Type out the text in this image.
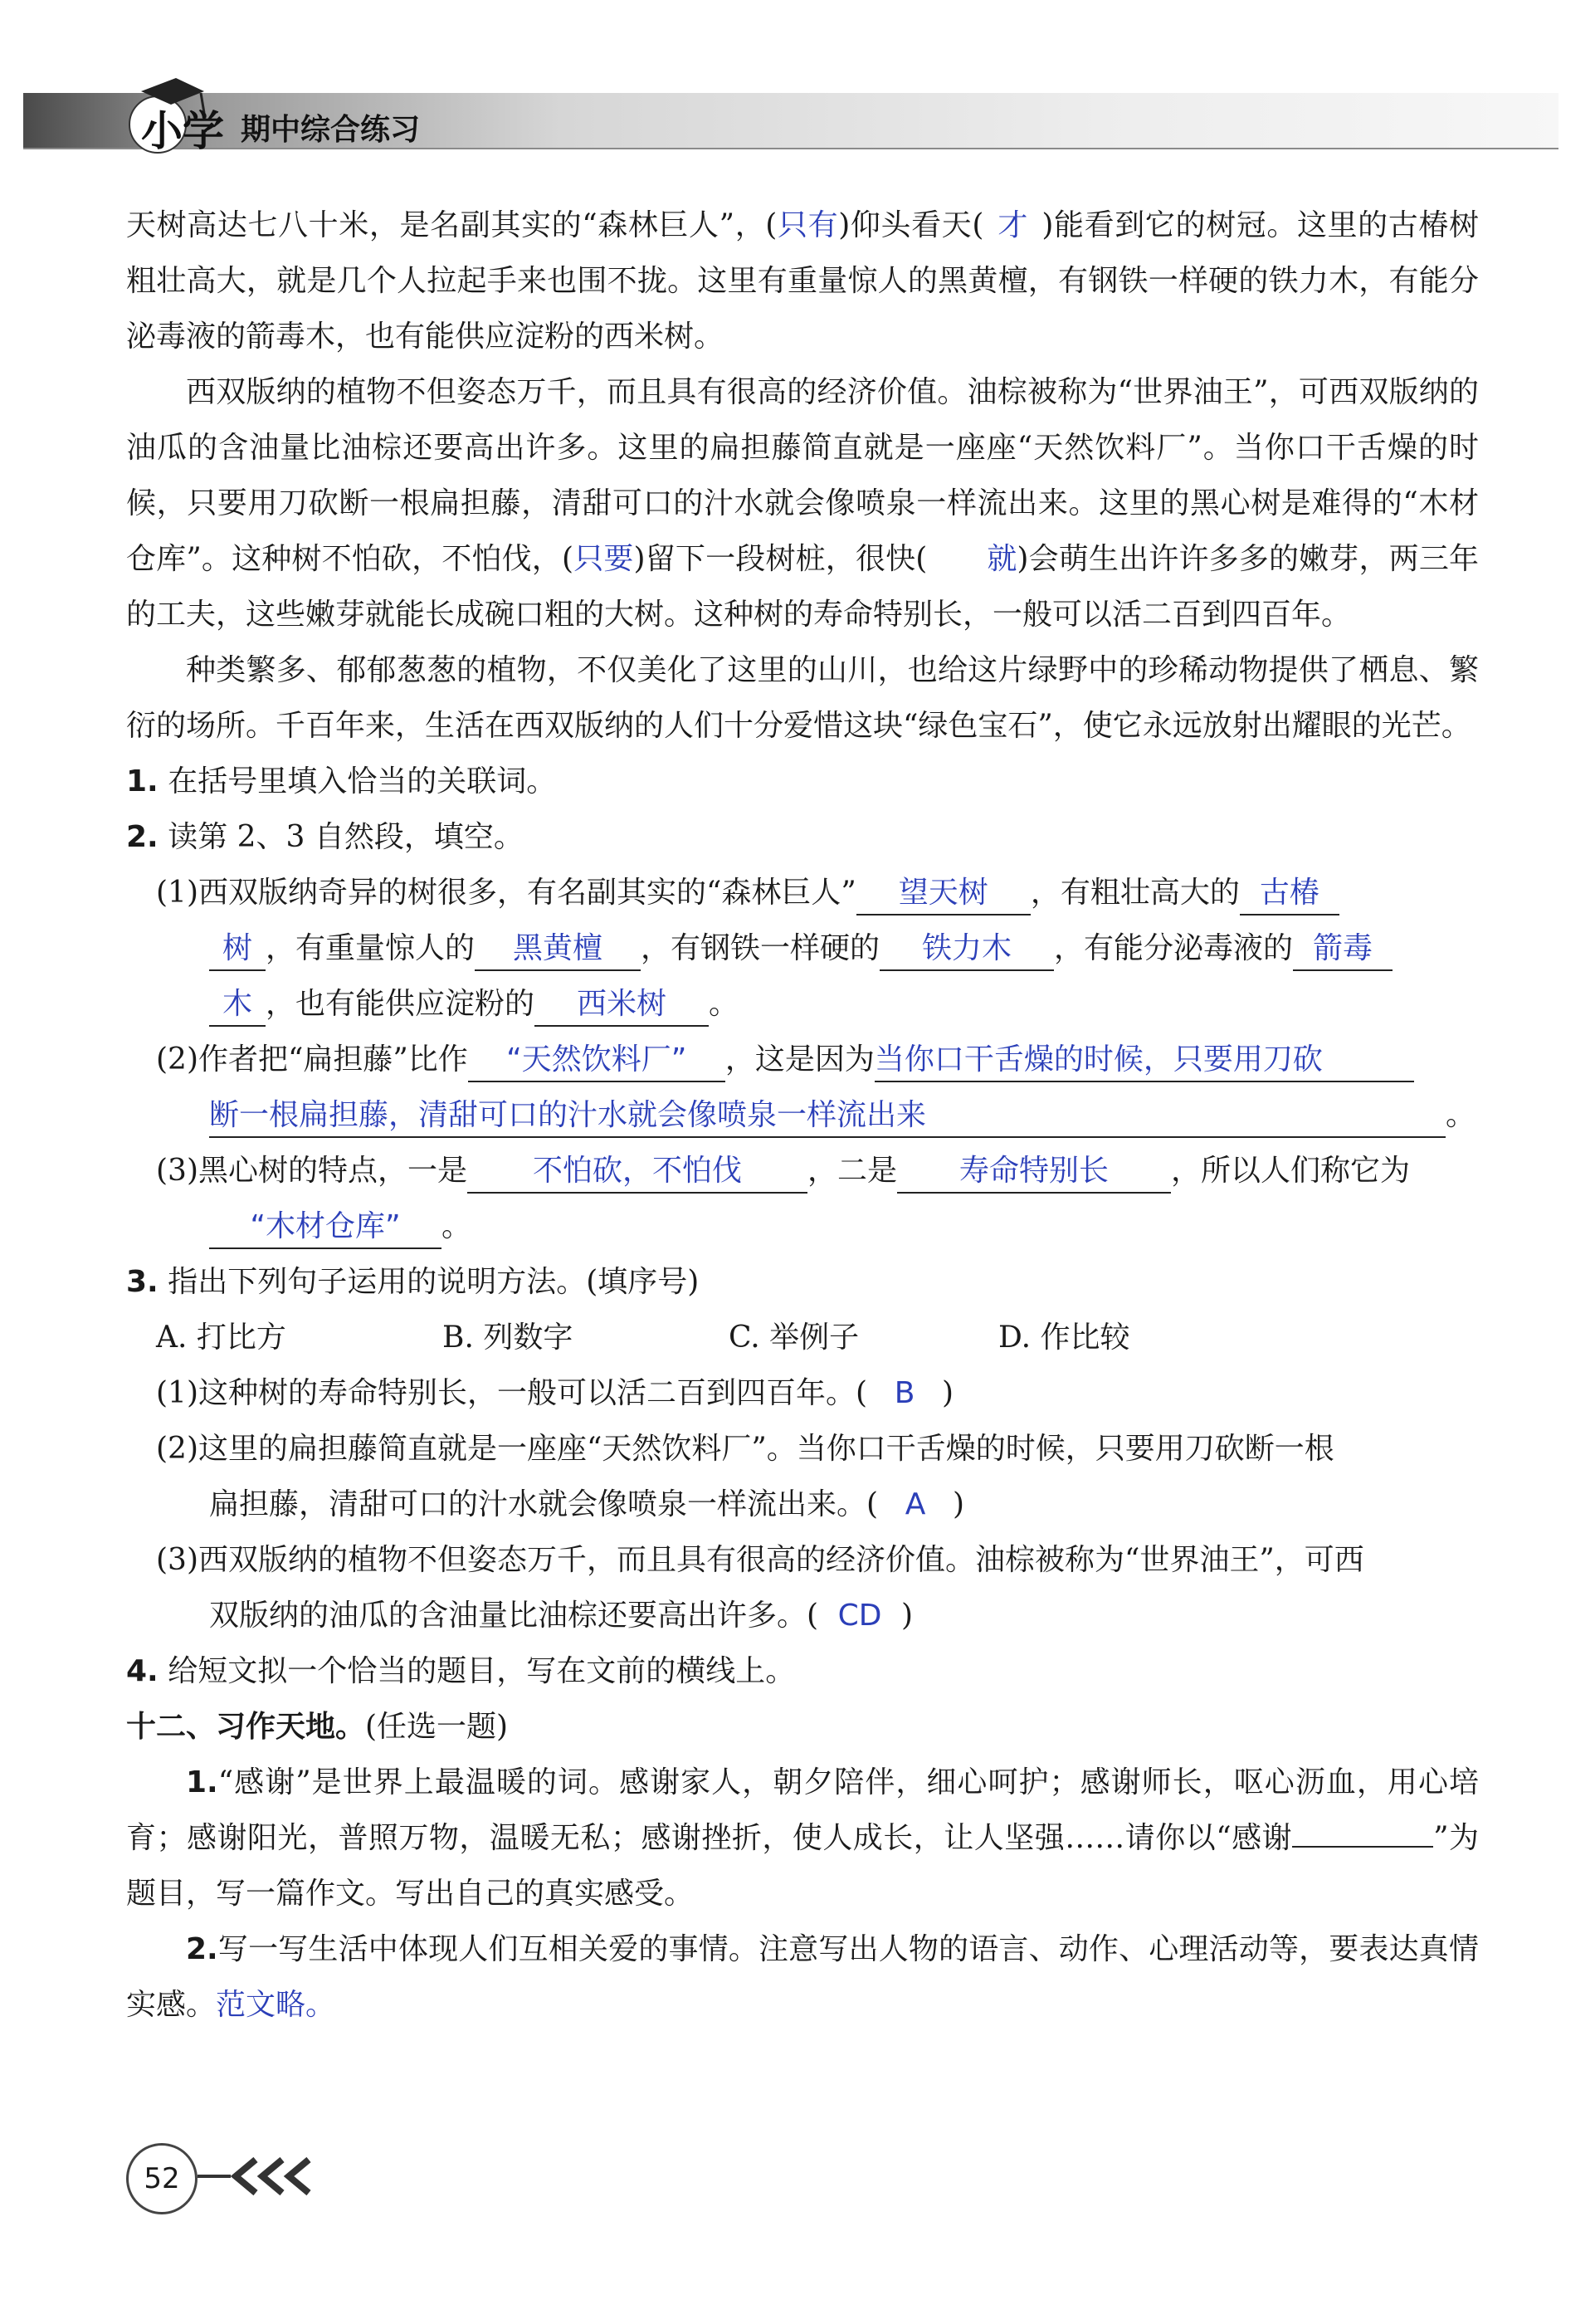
小学 期中综合练习

天树高达七八十米，是名副其实的“森林巨人”，(只有)仰头看天( 才 )能看到它的树冠。这里的古椿树粗壮高大，就是几个人拉起手来也围不拢。这里有重量惊人的黑黄檀，有钢铁一样硬的铁力木，有能分泌毒液的箭毒木，也有能供应淀粉的西米树。

西双版纳的植物不但姿态万千，而且具有很高的经济价值。油棕被称为“世界油王”，可西双版纳的油瓜的含油量比油棕还要高出许多。这里的扁担藤简直就是一座座“天然饮料厂”。当你口干舌燥的时候，只要用刀砍断一根扁担藤，清甜可口的汁水就会像喷泉一样流出来。这里的黑心树是难得的“木材仓库”。这种树不怕砍，不怕伐，(只要)留下一段树桩，很快( 就)会萌生出许许多多的嫩芽，两三年的工夫，这些嫩芽就能长成碗口粗的大树。这种树的寿命特别长，一般可以活二百到四百年。

种类繁多、郁郁葱葱的植物，不仅美化了这里的山川，也给这片绿野中的珍稀动物提供了栖息、繁衍的场所。千百年来，生活在西双版纳的人们十分爱惜这块“绿色宝石”，使它永远放射出耀眼的光芒。

1. 在括号里填入恰当的关联词。

2. 读第 2、3 自然段，填空。

(1)西双版纳奇异的树很多，有名副其实的“森林巨人” 望天树 ，有粗壮高大的 古椿

树 ，有重量惊人的 黑黄檀 ，有钢铁一样硬的 铁力木 ，有能分泌毒液的 箭毒

木 ，也有能供应淀粉的 西米树 。

(2)作者把“扁担藤”比作 “天然饮料厂” ，这是因为当你口干舌燥的时候，只要用刀砍

断一根扁担藤，清甜可口的汁水就会像喷泉一样流出来	。

(3)黑心树的特点，一是 不怕砍，不怕伐 ，二是 寿命特别长 ，所以人们称它为

“木材仓库” 。

3. 指出下列句子运用的说明方法。(填序号)

A. 打比方	B. 列数字	C. 举例子	D. 作比较

(1)这种树的寿命特别长，一般可以活二百到四百年。( B )

(2)这里的扁担藤简直就是一座座“天然饮料厂”。当你口干舌燥的时候，只要用刀砍断一根

扁担藤，清甜可口的汁水就会像喷泉一样流出来。( A )

(3)西双版纳的植物不但姿态万千，而且具有很高的经济价值。油棕被称为“世界油王”，可西

双版纳的油瓜的含油量比油棕还要高出许多。( CD )

4. 给短文拟一个恰当的题目，写在文前的横线上。

十二、习作天地。(任选一题)

1.“感谢”是世界上最温暖的词。感谢家人，朝夕陪伴，细心呵护；感谢师长，呕心沥血，用心培育；感谢阳光，普照万物，温暖无私；感谢挫折，使人成长，让人坚强……请你以“感谢	”为题目，写一篇作文。写出自己的真实感受。

2.写一写生活中体现人们互相关爱的事情。注意写出人物的语言、动作、心理活动等，要表达真情实感。范文略。

52
